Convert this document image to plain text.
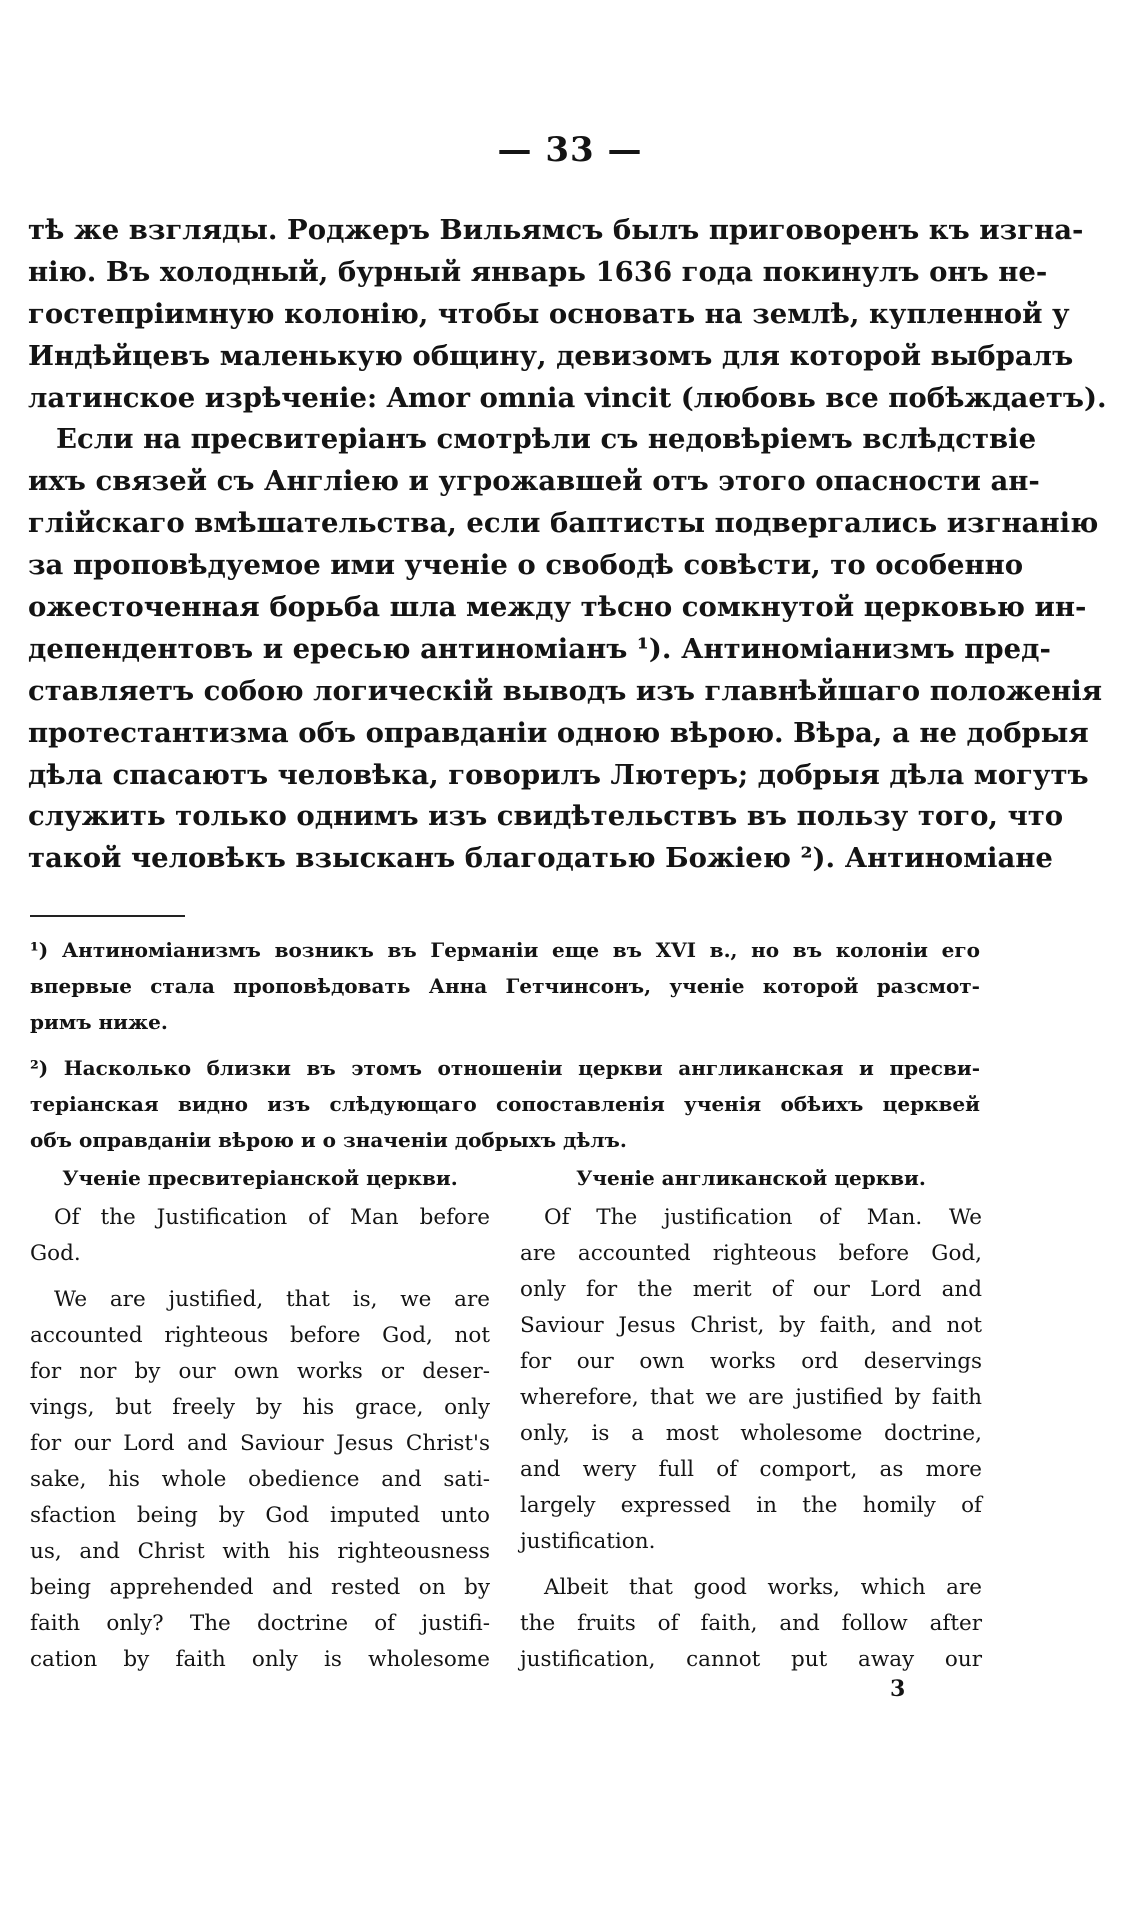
— 33 —
тѣ же взгляды. Роджеръ Вильямсъ былъ приговоренъ къ изгна-
нію. Въ холодный, бурный январь 1636 года покинулъ онъ не-
гостепріимную колонію, чтобы основать на землѣ, купленной у
Индѣйцевъ маленькую общину, девизомъ для которой выбралъ
латинское изрѣченіе: Amor omnia vincit (любовь все побѣждаетъ).
Если на пресвитеріанъ смотрѣли съ недовѣріемъ вслѣдствіе
ихъ связей съ Англіею и угрожавшей отъ этого опасности ан-
глійскаго вмѣшательства, если баптисты подвергались изгнанію
за проповѣдуемое ими ученіе о свободѣ совѣсти, то особенно
ожесточенная борьба шла между тѣсно сомкнутой церковью ин-
депендентовъ и ересью антиноміанъ ¹). Антиноміанизмъ пред-
ставляетъ собою логическій выводъ изъ главнѣйшаго положенія
протестантизма объ оправданіи одною вѣрою. Вѣра, а не добрыя
дѣла спасаютъ человѣка, говорилъ Лютеръ; добрыя дѣла могутъ
служить только однимъ изъ свидѣтельствъ въ пользу того, что
такой человѣкъ взысканъ благодатью Божіею ²). Антиноміане
¹) Антиноміанизмъ возникъ въ Германіи еще въ XVI в., но въ колоніи его
впервые стала проповѣдовать Анна Гетчинсонъ, ученіе которой разсмот-
римъ ниже.
²) Насколько близки въ этомъ отношеніи церкви англиканская и пресви-
теріанская видно изъ слѣдующаго сопоставленія ученія обѣихъ церквей
объ оправданіи вѣрою и о значеніи добрыхъ дѣлъ.
Ученіе пресвитеріанской церкви.
Of the Justification of Man before
God.
We are justified, that is, we are
accounted righteous before God, not
for nor by our own works or deser-
vings, but freely by his grace, only
for our Lord and Saviour Jesus Christ's
sake, his whole obedience and sati-
sfaction being by God imputed unto
us, and Christ with his righteousness
being apprehended and rested on by
faith only? The doctrine of justifi-
cation by faith only is wholesome
Ученіе англиканской церкви.
Of The justification of Man. We
are accounted righteous before God,
only for the merit of our Lord and
Saviour Jesus Christ, by faith, and not
for our own works ord deservings
wherefore, that we are justified by faith
only, is a most wholesome doctrine,
and wery full of comport, as more
largely expressed in the homily of
justification.
Albeit that good works, which are
the fruits of faith, and follow after
justification, cannot put away our
3
